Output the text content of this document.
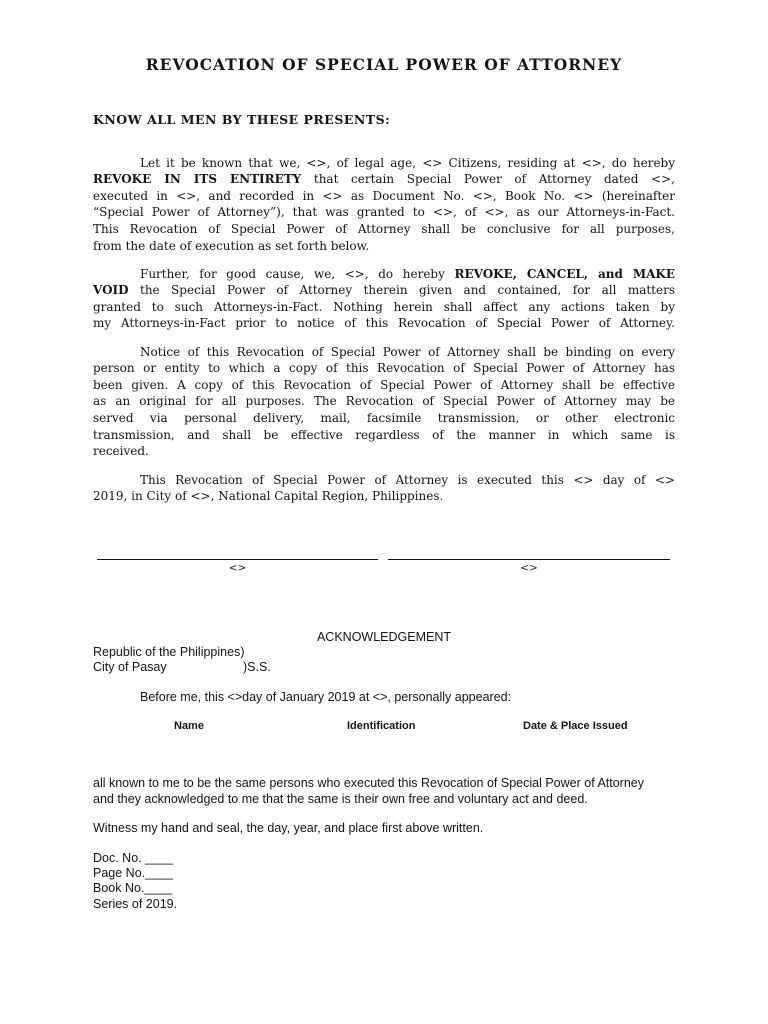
REVOCATION OF SPECIAL POWER OF ATTORNEY
KNOW ALL MEN BY THESE PRESENTS:
Let it be known that we, <>, of legal age, <> Citizens, residing at <>, do hereby
REVOKE IN ITS ENTIRETY that certain Special Power of Attorney dated <>,
executed in <>, and recorded in <> as Document No. <>, Book No. <> (hereinafter
“Special Power of Attorney”), that was granted to <>, of <>, as our Attorneys-in-Fact.
This Revocation of Special Power of Attorney shall be conclusive for all purposes,
from the date of execution as set forth below.
Further, for good cause, we, <>, do hereby REVOKE, CANCEL, and MAKE
VOID the Special Power of Attorney therein given and contained, for all matters
granted to such Attorneys-in-Fact. Nothing herein shall affect any actions taken by
my Attorneys-in-Fact prior to notice of this Revocation of Special Power of Attorney.
Notice of this Revocation of Special Power of Attorney shall be binding on every
person or entity to which a copy of this Revocation of Special Power of Attorney has
been given. A copy of this Revocation of Special Power of Attorney shall be effective
as an original for all purposes. The Revocation of Special Power of Attorney may be
served via personal delivery, mail, facsimile transmission, or other electronic
transmission, and shall be effective regardless of the manner in which same is
received.
This Revocation of Special Power of Attorney is executed this <> day of <>
2019, in City of <>, National Capital Region, Philippines.
<>	<>
ACKNOWLEDGEMENT
Republic of the Philippines)
City of Pasay	)S.S.
Before me, this <>day of January 2019 at <>, personally appeared:
Name	Identification	Date & Place Issued
all known to me to be the same persons who executed this Revocation of Special Power of Attorney
and they acknowledged to me that the same is their own free and voluntary act and deed.
Witness my hand and seal, the day, year, and place first above written.
Doc. No. ____
Page No.____
Book No.____
Series of 2019.
